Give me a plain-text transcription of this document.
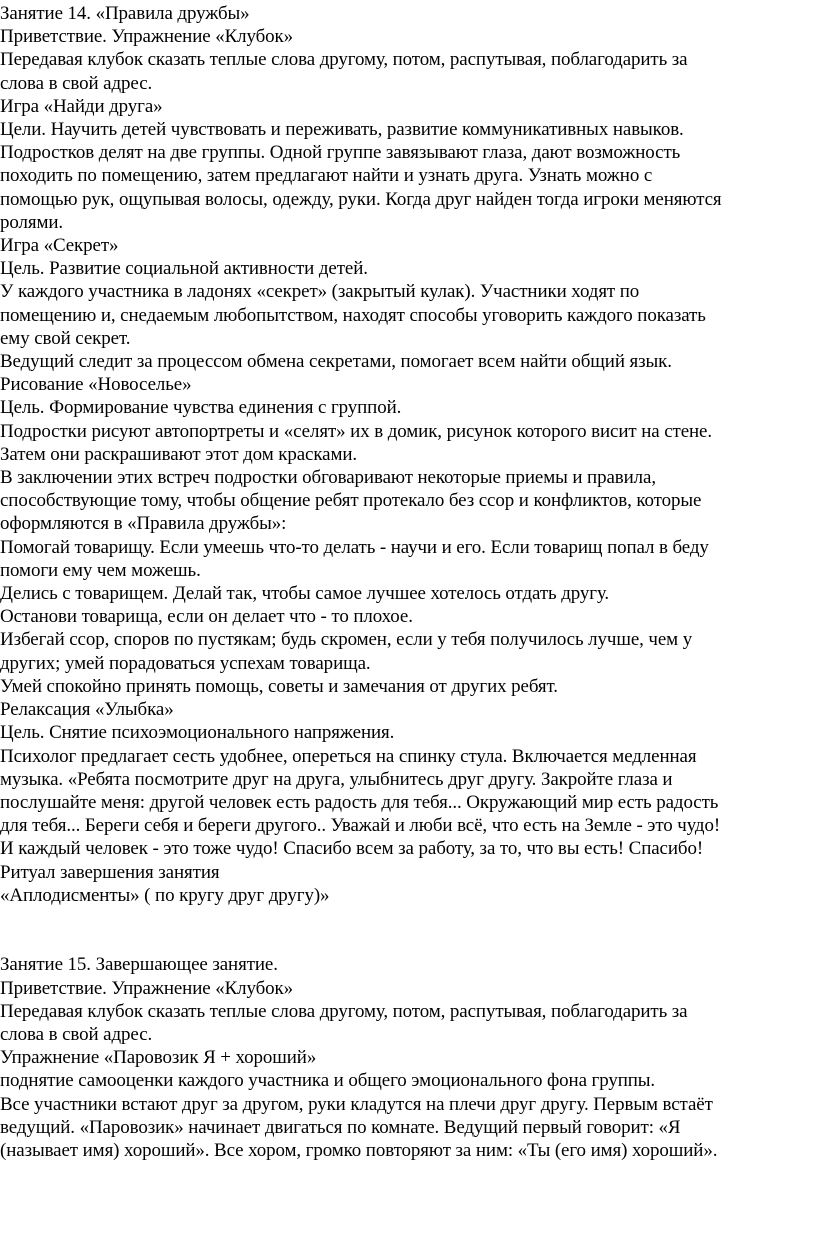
Занятие 14. «Правила дружбы»

Приветствие. Упражнение «Клубок»

Передавая клубок сказать теплые слова другому, потом, распутывая, поблагодарить за

слова в свой адрес.

Игра «Найди друга»

Цели. Научить детей чувствовать и переживать, развитие коммуникативных навыков.

Подростков делят на две группы. Одной группе завязывают глаза, дают возможность

походить по помещению, затем предлагают найти и узнать друга. Узнать можно с

помощью рук, ощупывая волосы, одежду, руки. Когда друг найден тогда игроки меняются

ролями.

Игра «Секрет»

Цель. Развитие социальной активности детей.

У каждого участника в ладонях «секрет» (закрытый кулак). Участники ходят по

помещению и, снедаемым любопытством, находят способы уговорить каждого показать

ему свой секрет.

Ведущий следит за процессом обмена секретами, помогает всем найти общий язык.

Рисование «Новоселье»

Цель. Формирование чувства единения с группой.

Подростки рисуют автопортреты и «селят» их в домик, рисунок которого висит на стене.

Затем они раскрашивают этот дом красками.

В заключении этих встреч подростки обговаривают некоторые приемы и правила,

способствующие тому, чтобы общение ребят протекало без ссор и конфликтов, которые

оформляются в «Правила дружбы»:

Помогай товарищу. Если умеешь что-то делать - научи и его. Если товарищ попал в беду

помоги ему чем можешь.

Делись с товарищем. Делай так, чтобы самое лучшее хотелось отдать другу.

Останови товарища, если он делает что - то плохое.

Избегай ссор, споров по пустякам; будь скромен, если у тебя получилось лучше, чем у

других; умей порадоваться успехам товарища.

Умей спокойно принять помощь, советы и замечания от других ребят.

Релаксация «Улыбка»

Цель. Снятие психоэмоционального напряжения.

Психолог предлагает сесть удобнее, опереться на спинку стула. Включается медленная

музыка. «Ребята посмотрите друг на друга, улыбнитесь друг другу. Закройте глаза и

послушайте меня: другой человек есть радость для тебя... Окружающий мир есть радость

для тебя... Береги себя и береги другого.. Уважай и люби всё, что есть на Земле - это чудо!

И каждый человек - это тоже чудо! Спасибо всем за работу, за то, что вы есть! Спасибо!

Ритуал завершения занятия

«Аплодисменты» ( по кругу друг другу)»

Занятие 15. Завершающее занятие.

Приветствие. Упражнение «Клубок»

Передавая клубок сказать теплые слова другому, потом, распутывая, поблагодарить за

слова в свой адрес.

Упражнение «Паровозик Я + хороший»

поднятие самооценки каждого участника и общего эмоционального фона группы.

Все участники встают друг за другом, руки кладутся на плечи друг другу. Первым встаёт

ведущий. «Паровозик» начинает двигаться по комнате. Ведущий первый говорит: «Я

(называет имя) хороший». Все хором, громко повторяют за ним: «Ты (его имя) хороший».
